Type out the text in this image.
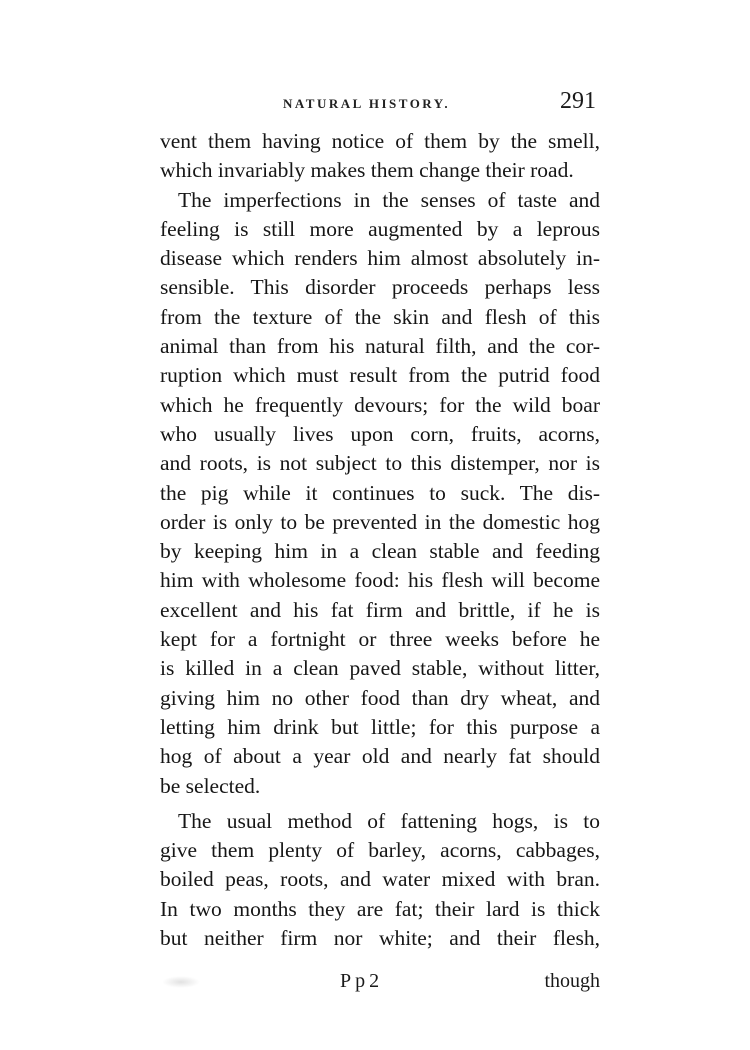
NATURAL HISTORY.	291
vent them having notice of them by the smell,
which invariably makes them change their road.
The imperfections in the senses of taste and
feeling is still more augmented by a leprous
disease which renders him almost absolutely in-
sensible. This disorder proceeds perhaps less
from the texture of the skin and flesh of this
animal than from his natural filth, and the cor-
ruption which must result from the putrid food
which he frequently devours; for the wild boar
who usually lives upon corn, fruits, acorns,
and roots, is not subject to this distemper, nor is
the pig while it continues to suck. The dis-
order is only to be prevented in the domestic hog
by keeping him in a clean stable and feeding
him with wholesome food: his flesh will become
excellent and his fat firm and brittle, if he is
kept for a fortnight or three weeks before he
is killed in a clean paved stable, without litter,
giving him no other food than dry wheat, and
letting him drink but little; for this purpose a
hog of about a year old and nearly fat should
be selected.
The usual method of fattening hogs, is to
give them plenty of barley, acorns, cabbages,
boiled peas, roots, and water mixed with bran.
In two months they are fat; their lard is thick
but neither firm nor white; and their flesh,
Pp2	though
